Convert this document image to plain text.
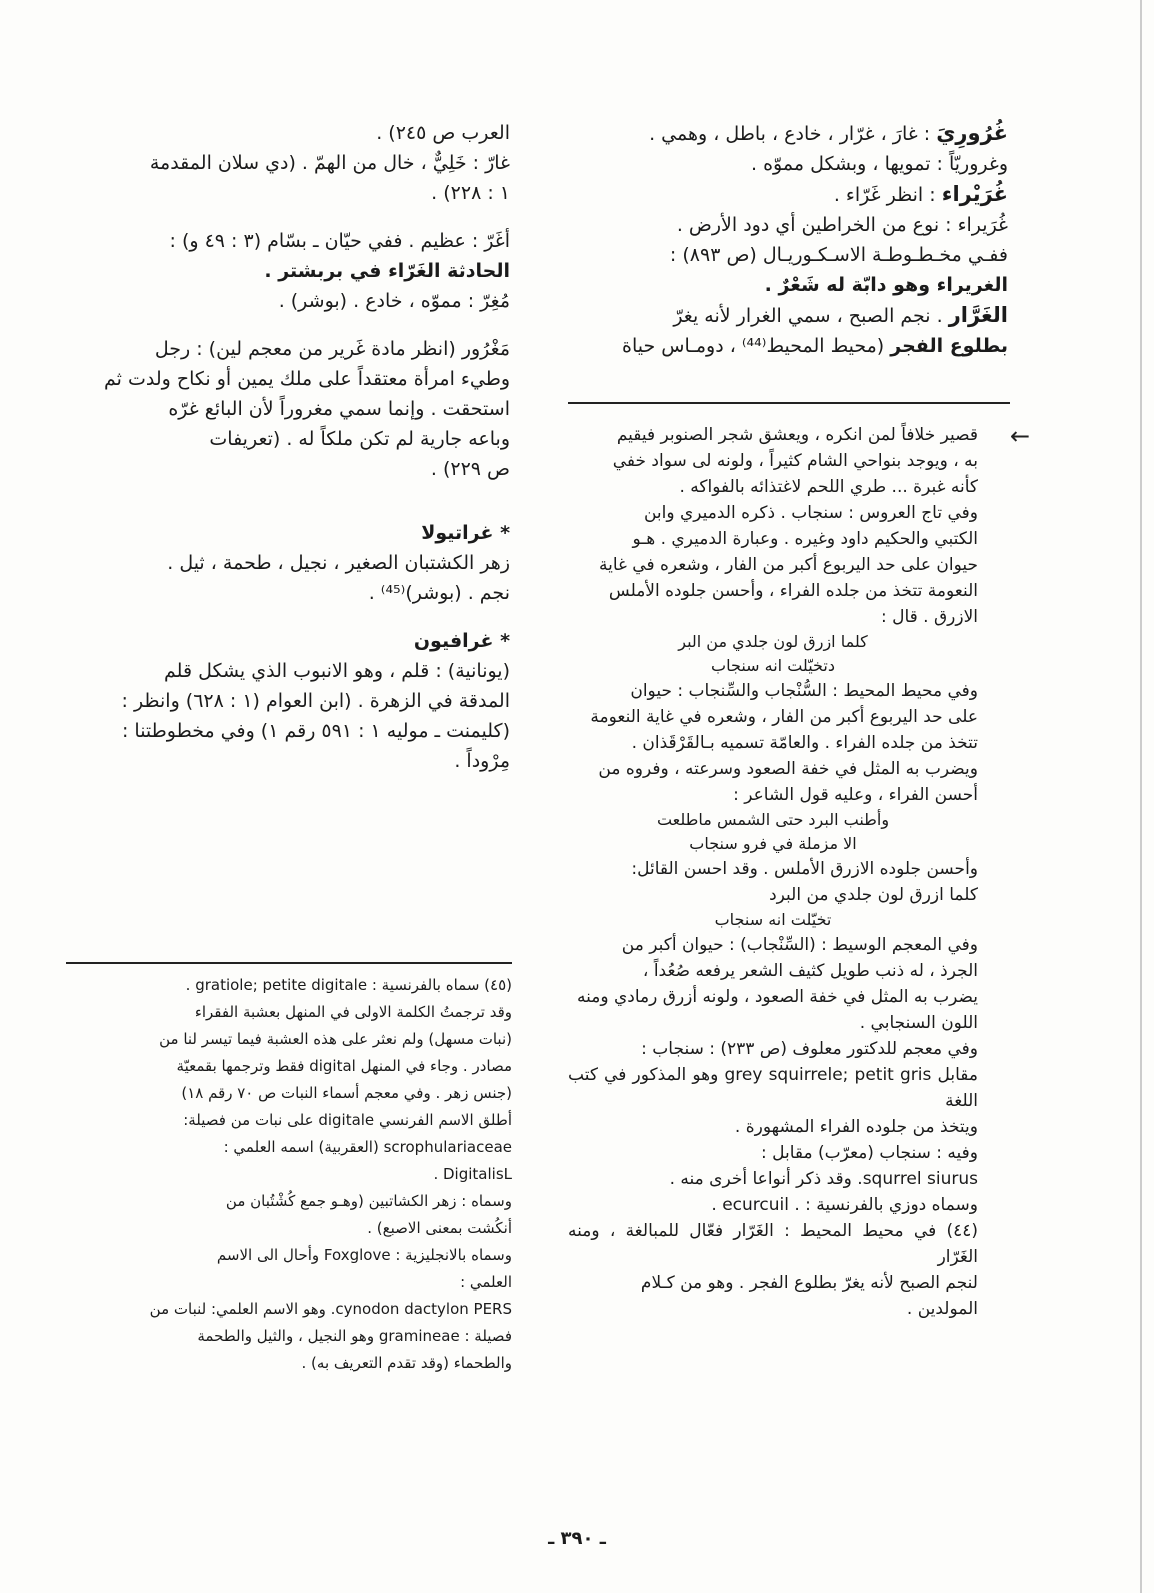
غُرُورِيَ : غارَ ، غرّار ، خادع ، باطل ، وهمي .

وغروريّاً : تمويها ، وبشكل مموّه .

غُرَيْراء : انظر غَرّاء .

غُرَيراء : نوع من الخراطين أي دود الأرض .

ففـي مخـطـوطـة الاسـكـوريـال (ص ٨٩٣) :

الغريراء وهو دابّة له شَعْرٌ .

الغَرَّار . نجم الصبح ، سمي الغرار لأنه يغرّ

بطلوع الفجر (محيط المحيط⁽⁴⁴⁾ ، دومـاس حياة

←

قصير خلافاً لمن انكره ، ويعشق شجر الصنوبر فيقيم

به ، ويوجد بنواحي الشام كثيراً ، ولونه لى سواد خفي

كأنه غبرة ... طري اللحم لاغتذائه بالفواكه .

وفي تاج العروس : سنجاب . ذكره الدميري وابن

الكتبي والحكيم داود وغيره . وعبارة الدميري . هـو

حيوان على حد اليربوع أكبر من الفار ، وشعره في غاية

النعومة تتخذ من جلده الفراء ، وأحسن جلوده الأملس

الازرق . قال :

كلما ازرق لون جلدي من البر

دتخيّلت انه سنجاب

وفي محيط المحيط : السُّنْجاب والسِّنجاب : حيوان

على حد اليربوع أكبر من الفار ، وشعره في غاية النعومة

تتخذ من جلده الفراء . والعامّة تسميه بـالقَرْقَذان .

ويضرب به المثل في خفة الصعود وسرعته ، وفروه من

أحسن الفراء ، وعليه قول الشاعر :

وأطنب البرد حتى الشمس ماطلعت

الا مزملة في فرو سنجاب

وأحسن جلوده الازرق الأملس . وقد احسن القائل:

كلما ازرق لون جلدي من البرد

تخيّلت انه سنجاب

وفي المعجم الوسيط : (السِّنْجاب) : حيوان أكبر من

الجرذ ، له ذنب طويل كثيف الشعر يرفعه صُعُداً ،

يضرب به المثل في خفة الصعود ، ولونه أزرق رمادي ومنه

اللون السنجابي .

وفي معجم للدكتور معلوف (ص ٢٣٣) : سنجاب :

مقابل grey squirrele; petit gris وهو المذكور في كتب اللغة

ويتخذ من جلوده الفراء المشهورة .

وفيه : سنجاب (معرّب) مقابل :

squrrel siurus. وقد ذكر أنواعا أخرى منه .

وسماه دوزي بالفرنسية : . ecurcuil .

(٤٤) في محيط المحيط : الغَرّار فعّال للمبالغة ، ومنه الغَرّار

لنجم الصبح لأنه يغرّ بطلوع الفجر . وهو من كـلام

المولدين .

العرب ص ٢٤٥) .

غارّ : خَلِيٌّ ، خال من الهمّ . (دي سلان المقدمة

١ : ٢٢٨) .

أغَرّ : عظيم . ففي حيّان ـ بسّام (٣ : ٤٩ و) :

الحادثة الغَرّاء في بربشتر .

مُغِرّ : مموّه ، خادع . (بوشر) .

مَغْرُور (انظر مادة غَرير من معجم لين) : رجل

وطيء امرأة معتقداً على ملك يمين أو نكاح ولدت ثم

استحقت . وإنما سمي مغروراً لأن البائع غرّه

وباعه جارية لم تكن ملكاً له . (تعريفات

ص ٢٢٩) .

* غراتيولا

زهر الكشتبان الصغير ، نجيل ، طحمة ، ثيل .

نجم . (بوشر)⁽⁴⁵⁾ .

* غرافيون

(يونانية) : قلم ، وهو الانبوب الذي يشكل قلم

المدقة في الزهرة . (ابن العوام (١ : ٦٢٨) وانظر :

(كليمنت ـ موليه ١ : ٥٩١ رقم ١) وفي مخطوطتنا :

مِرْوداً .

(٤٥) سماه بالفرنسية : gratiole; petite digitale .

وقد ترجمتُ الكلمة الاولى في المنهل بعشبة الفقراء

(نبات مسهل) ولم نعثر على هذه العشبة فيما تيسر لنا من

مصادر . وجاء في المنهل digital فقط وترجمها بقمعيّة

(جنس زهر . وفي معجم أسماء النبات ص ٧٠ رقم ١٨)

أطلق الاسم الفرنسي digitale على نبات من فصيلة:

scrophulariaceae (العقربية) اسمه العلمي :

DigitalisL .

وسماه : زهر الكشاتبين (وهـو جمع كُشْتُبان من

أنكُشت بمعنى الاصبع) .

وسماه بالانجليزية : Foxglove وأحال الى الاسم

العلمي :

cynodon dactylon PERS. وهو الاسم العلمي: لنبات من

فصيلة : gramineae وهو النجيل ، والثيل والطحمة

والطحماء (وقد تقدم التعريف به) .

ـ ٣٩٠ ـ
